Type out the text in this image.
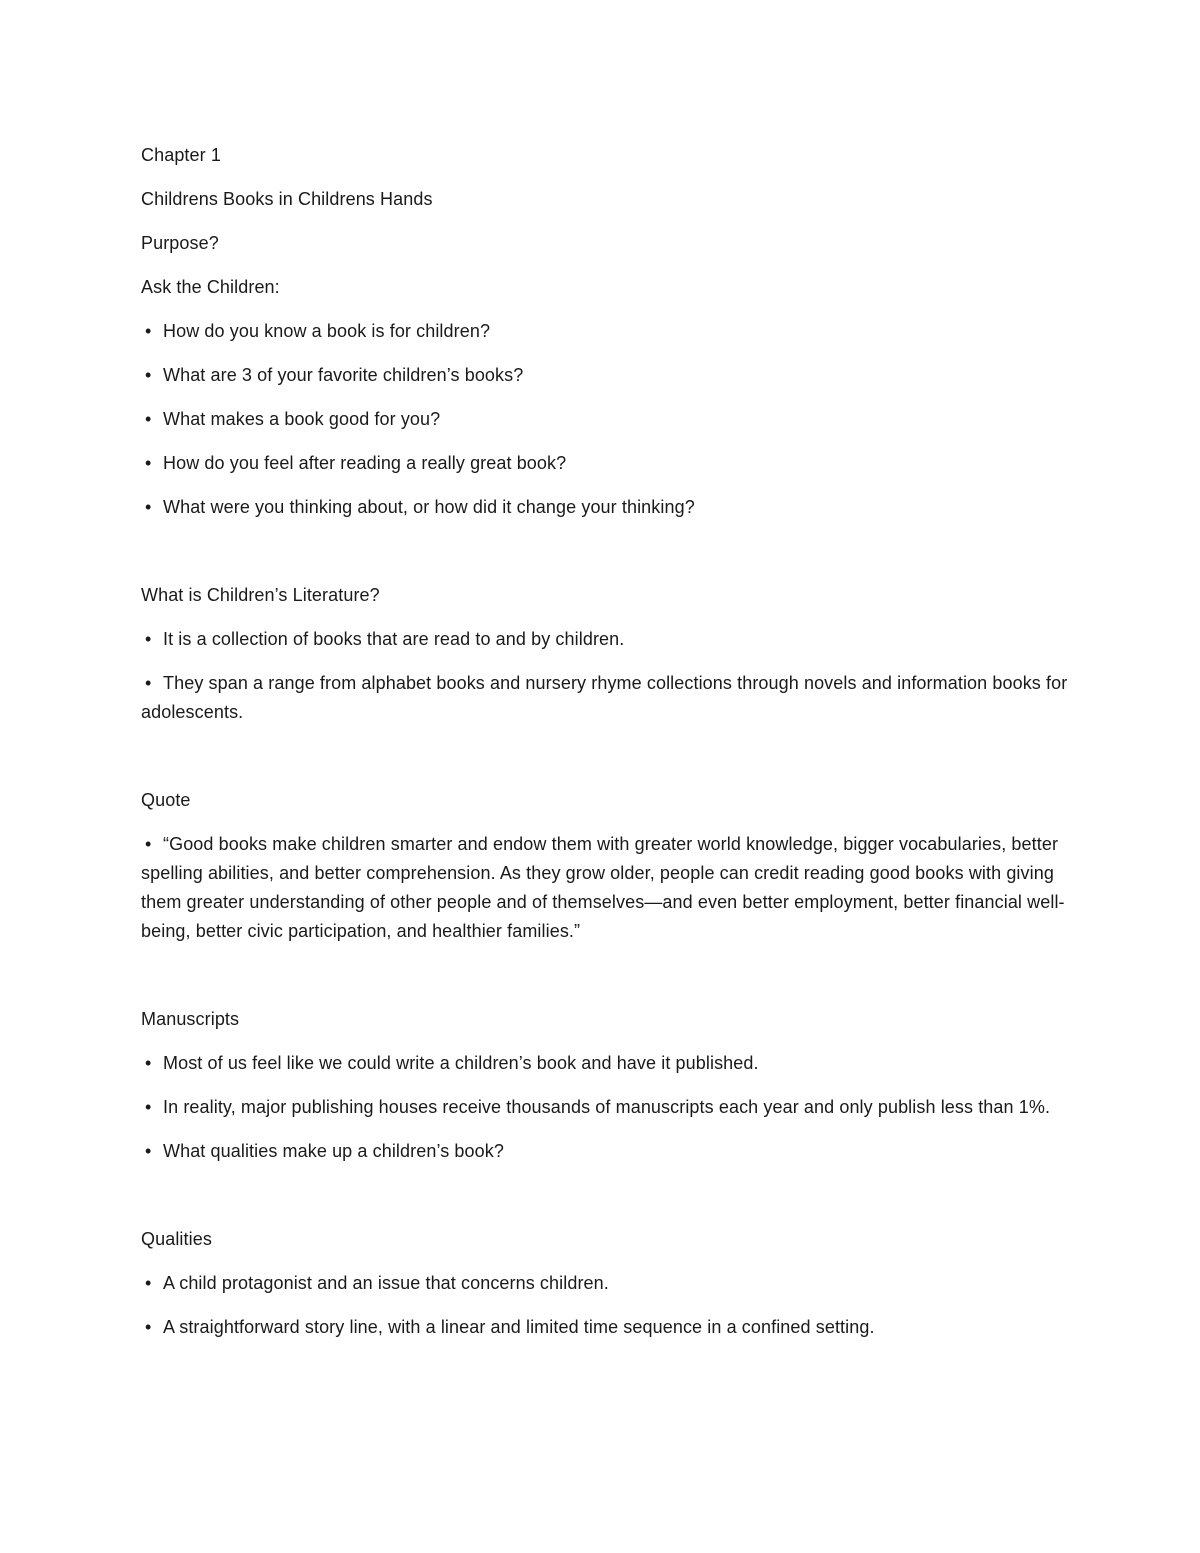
Chapter 1

Childrens Books in Childrens Hands

Purpose?

Ask the Children:

• How do you know a book is for children?

• What are 3 of your favorite children’s books?

• What makes a book good for you?

• How do you feel after reading a really great book?

• What were you thinking about, or how did it change your thinking?

What is Children’s Literature?

• It is a collection of books that are read to and by children.

• They span a range from alphabet books and nursery rhyme collections through novels and information books for adolescents.

Quote

• “Good books make children smarter and endow them with greater world knowledge, bigger vocabularies, better spelling abilities, and better comprehension. As they grow older, people can credit reading good books with giving them greater understanding of other people and of themselves—and even better employment, better financial well-being, better civic participation, and healthier families.”

Manuscripts

• Most of us feel like we could write a children’s book and have it published.

• In reality, major publishing houses receive thousands of manuscripts each year and only publish less than 1%.

• What qualities make up a children’s book?

Qualities

• A child protagonist and an issue that concerns children.

• A straightforward story line, with a linear and limited time sequence in a confined setting.
